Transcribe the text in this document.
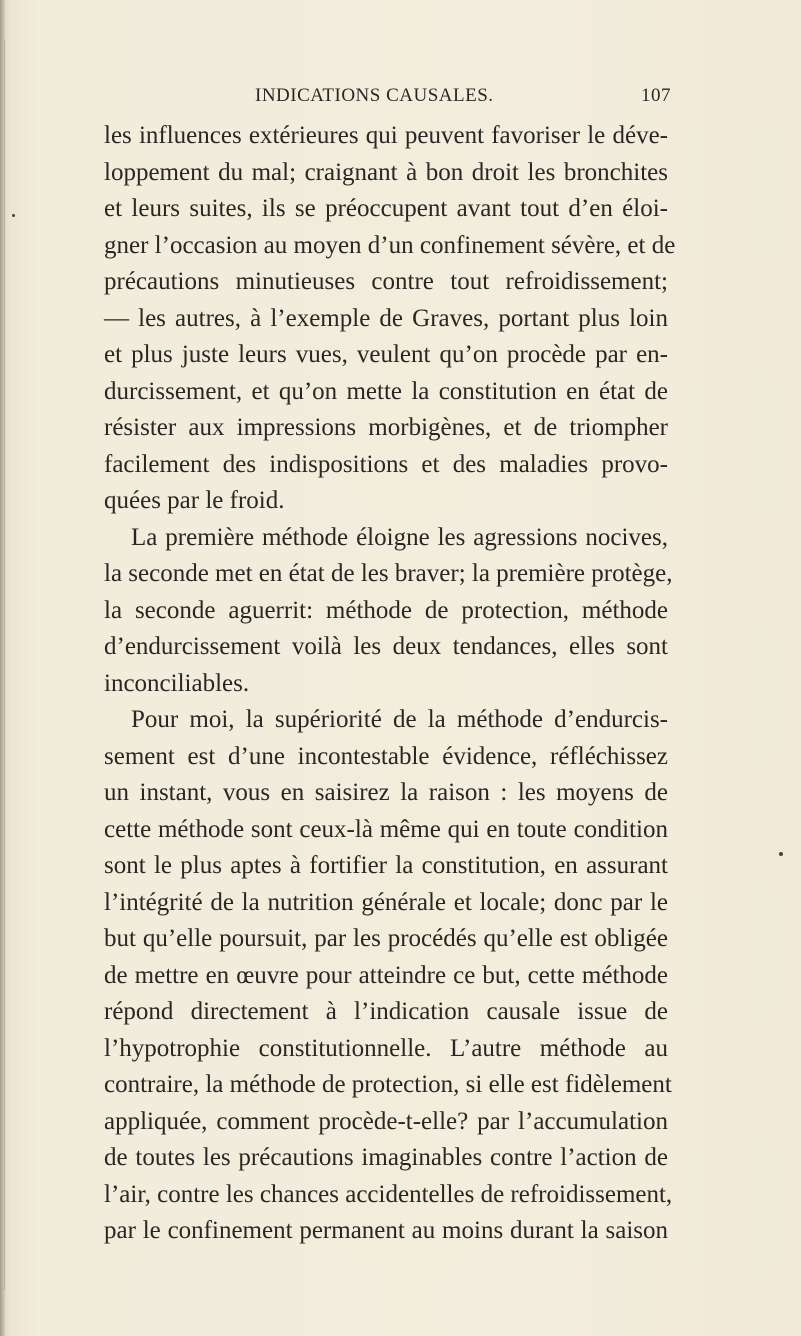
INDICATIONS CAUSALES.	107
les influences extérieures qui peuvent favoriser le déve-
loppement du mal; craignant à bon droit les bronchites
et leurs suites, ils se préoccupent avant tout d’en éloi-
gner l’occasion au moyen d’un confinement sévère, et de
précautions minutieuses contre tout refroidissement;
— les autres, à l’exemple de Graves, portant plus loin
et plus juste leurs vues, veulent qu’on procède par en-
durcissement, et qu’on mette la constitution en état de
résister aux impressions morbigènes, et de triompher
facilement des indispositions et des maladies provo-
quées par le froid.
La première méthode éloigne les agressions nocives,
la seconde met en état de les braver; la première protège,
la seconde aguerrit: méthode de protection, méthode
d’endurcissement voilà les deux tendances, elles sont
inconciliables.
Pour moi, la supériorité de la méthode d’endurcis-
sement est d’une incontestable évidence, réfléchissez
un instant, vous en saisirez la raison : les moyens de
cette méthode sont ceux-là même qui en toute condition
sont le plus aptes à fortifier la constitution, en assurant
l’intégrité de la nutrition générale et locale; donc par le
but qu’elle poursuit, par les procédés qu’elle est obligée
de mettre en œuvre pour atteindre ce but, cette méthode
répond directement à l’indication causale issue de
l’hypotrophie constitutionnelle. L’autre méthode au
contraire, la méthode de protection, si elle est fidèlement
appliquée, comment procède-t-elle? par l’accumulation
de toutes les précautions imaginables contre l’action de
l’air, contre les chances accidentelles de refroidissement,
par le confinement permanent au moins durant la saison
